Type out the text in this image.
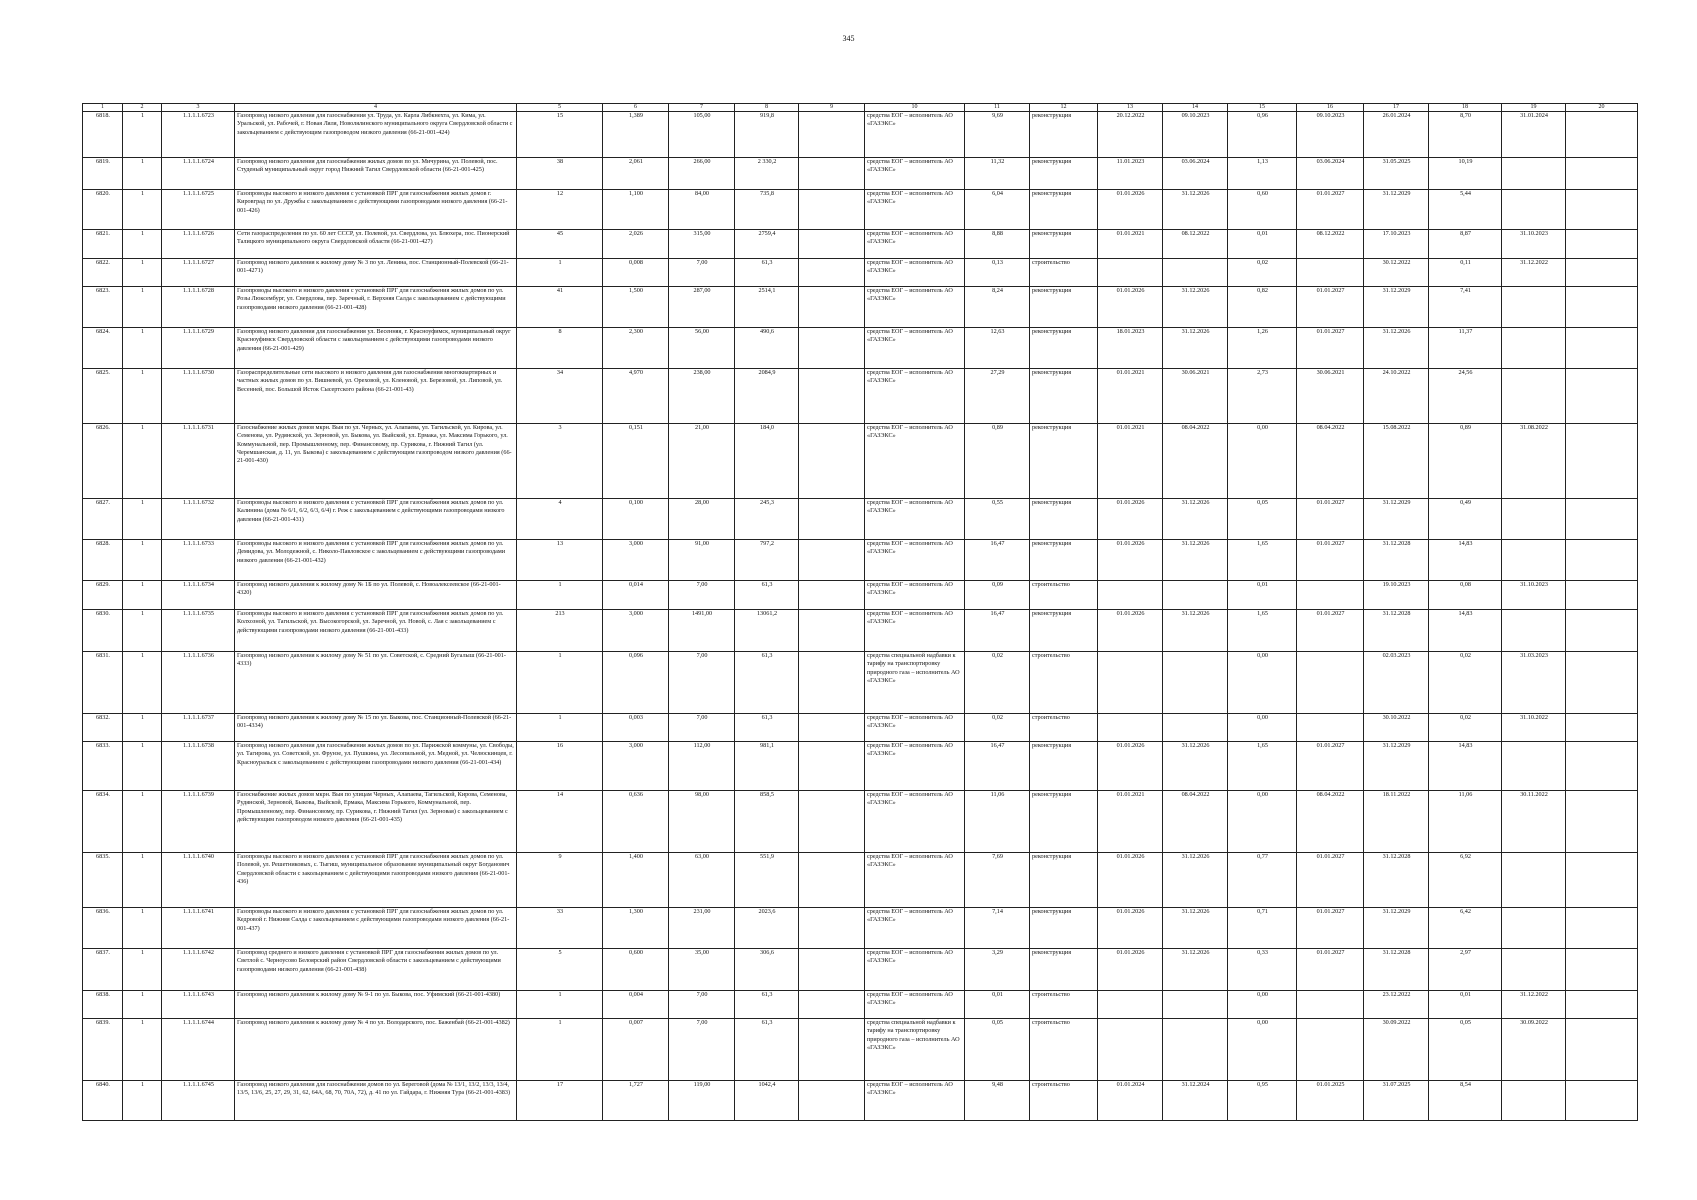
345
1	2	3	4	5	6	7	8	9	10	11	12	13	14	15	16	17	18	19	20
6818.	1	1.1.1.1.6723	Газопровод низкого давления для газоснабжения ул. Труда, ул. Карла Либкнехта, ул. Кима, ул. Уральской, ул. Рабочей, г. Новая Ляля, Новолялинского муниципального округа Свердловской области с закольцеванием с действующим газопроводом низкого давления (66-21-001-424)	15	1,389	105,00	919,8		средства ЕОГ – исполнитель АО «ГАЗЭКС»	9,69	реконструкция	20.12.2022	09.10.2023	0,96	09.10.2023	26.01.2024	8,70	31.01.2024	
6819.	1	1.1.1.1.6724	Газопровод низкого давления для газоснабжения жилых домов по ул. Мичурина, ул. Полевой, пос. Студеный муниципальный округ город Нижний Тагил Свердловской области (66-21-001-425)	38	2,061	266,00	2 330,2		средства ЕОГ – исполнитель АО «ГАЗЭКС»	11,32	реконструкция	11.01.2023	03.06.2024	1,13	03.06.2024	31.05.2025	10,19		
6820.	1	1.1.1.1.6725	Газопроводы высокого и низкого давления с установкой ПРГ для газоснабжения жилых домов г. Кировград по ул. Дружбы с закольцеванием с действующими газопроводами низкого давления (66-21-001-426)	12	1,100	84,00	735,8		средства ЕОГ – исполнитель АО «ГАЗЭКС»	6,04	реконструкция	01.01.2026	31.12.2026	0,60	01.01.2027	31.12.2029	5,44		
6821.	1	1.1.1.1.6726	Сети газораспределения по ул. 60 лет СССР, ул. Полевой, ул. Свердлова, ул. Блюхера, пос. Пионерский Талицкого муниципального округа Свердловской области (66-21-001-427)	45	2,026	315,00	2759,4		средства ЕОГ – исполнитель АО «ГАЗЭКС»	8,88	реконструкция	01.01.2021	08.12.2022	0,01	08.12.2022	17.10.2023	8,87	31.10.2023	
6822.	1	1.1.1.1.6727	Газопровод низкого давления к жилому дому № 3 по ул. Ленина, пос. Станционный-Полевской (66-21-001-4271)	1	0,008	7,00	61,3		средства ЕОГ – исполнитель АО «ГАЗЭКС»	0,13	строительство			0,02		30.12.2022	0,11	31.12.2022	
6823.	1	1.1.1.1.6728	Газопроводы высокого и низкого давления с установкой ПРГ для газоснабжения жилых домов по ул. Розы Люксембург, ул. Свердлова, пер. Заречный, г. Верхняя Салда с закольцеванием с действующими газопроводами низкого давления (66-21-001-428)	41	1,500	287,00	2514,1		средства ЕОГ – исполнитель АО «ГАЗЭКС»	8,24	реконструкция	01.01.2026	31.12.2026	0,82	01.01.2027	31.12.2029	7,41		
6824.	1	1.1.1.1.6729	Газопровод низкого давления для газоснабжения ул. Весенняя, г. Красноуфимск, муниципальный округ Красноуфимск Свердловской области с закольцеванием с действующими газопроводами низкого давления (66-21-001-429)	8	2,300	56,00	490,6		средства ЕОГ – исполнитель АО «ГАЗЭКС»	12,63	реконструкция	18.01.2023	31.12.2026	1,26	01.01.2027	31.12.2026	11,37		
6825.	1	1.1.1.1.6730	Газораспределительные сети высокого и низкого давления для газоснабжения многоквартирных и частных жилых домов по ул. Вишневой, ул. Ореховой, ул. Кленовой, ул. Березовой, ул. Липовой, ул. Весенней, пос. Большой Исток Сысертского района (66-21-001-43)	34	4,970	238,00	2084,9		средства ЕОГ – исполнитель АО «ГАЗЭКС»	27,29	реконструкция	01.01.2021	30.06.2021	2,73	30.06.2021	24.10.2022	24,56		
6826.	1	1.1.1.1.6731	Газоснабжение жилых домов мкрн. Выя по ул. Черных, ул. Алапаева, ул. Тагильской, ул. Кирова, ул. Семенова, ул. Рудянской, ул. Зерновой, ул. Быкова, ул. Выйской, ул. Ермака, ул. Максима Горького, ул. Коммунальной, пер. Промышленному, пер. Финансовому, пр. Сурикова, г. Нижний Тагил (ул. Черемшанская, д. 11, ул. Быкова) с закольцеванием с действующим газопроводом низкого давления (66-21-001-430)	3	0,151	21,00	184,0		средства ЕОГ – исполнитель АО «ГАЗЭКС»	0,89	реконструкция	01.01.2021	08.04.2022	0,00	08.04.2022	15.08.2022	0,89	31.08.2022	
6827.	1	1.1.1.1.6732	Газопроводы высокого и низкого давления с установкой ПРГ для газоснабжения жилых домов по ул. Калинина (дома № 6/1, 6/2, 6/3, 6/4) г. Реж с закольцеванием с действующими газопроводами низкого давления (66-21-001-431)	4	0,100	28,00	245,3		средства ЕОГ – исполнитель АО «ГАЗЭКС»	0,55	реконструкция	01.01.2026	31.12.2026	0,05	01.01.2027	31.12.2029	0,49		
6828.	1	1.1.1.1.6733	Газопроводы высокого и низкого давления с установкой ПРГ для газоснабжения жилых домов по ул. Демидова, ул. Молодежной, с. Николо-Павловское с закольцеванием с действующими газопроводами низкого давления (66-21-001-432)	13	3,000	91,00	797,2		средства ЕОГ – исполнитель АО «ГАЗЭКС»	16,47	реконструкция	01.01.2026	31.12.2026	1,65	01.01.2027	31.12.2028	14,83		
6829.	1	1.1.1.1.6734	Газопровод низкого давления к жилому дому № 1Б по ул. Полевой, с. Новоалексеевское (66-21-001-4320)	1	0,014	7,00	61,3		средства ЕОГ – исполнитель АО «ГАЗЭКС»	0,09	строительство			0,01		19.10.2023	0,08	31.10.2023	
6830.	1	1.1.1.1.6735	Газопроводы высокого и низкого давления с установкой ПРГ для газоснабжения жилых домов по ул. Колхозной, ул. Тагильской, ул. Высокогорской, ул. Заречной, ул. Новой, с. Лая с закольцеванием с действующими газопроводами низкого давления (66-21-001-433)	213	3,000	1491,00	13061,2		средства ЕОГ – исполнитель АО «ГАЗЭКС»	16,47	реконструкция	01.01.2026	31.12.2026	1,65	01.01.2027	31.12.2028	14,83		
6831.	1	1.1.1.1.6736	Газопровод низкого давления к жилому дому № 51 по ул. Советской, с. Средний Бугалыш (66-21-001-4333)	1	0,096	7,00	61,3		средства специальной надбавки к тарифу на транспортировку природного газа – исполнитель АО «ГАЗЭКС»	0,02	строительство			0,00		02.03.2023	0,02	31.03.2023	
6832.	1	1.1.1.1.6737	Газопровод низкого давления к жилому дому № 15 по ул. Быкова, пос. Станционный-Полевской (66-21-001-4334)	1	0,003	7,00	61,3		средства ЕОГ – исполнитель АО «ГАЗЭКС»	0,02	строительство			0,00		30.10.2022	0,02	31.10.2022	
6833.	1	1.1.1.1.6738	Газопровод низкого давления для газоснабжения жилых домов по ул. Парижской коммуны, ул. Свободы, ул. Тагирова, ул. Советской, ул. Фрунзе, ул. Пушкина, ул. Лесопильной, ул. Медной, ул. Челюскинцев, г. Красноуральск с закольцеванием с действующими газопроводами низкого давления (66-21-001-434)	16	3,000	112,00	981,1		средства ЕОГ – исполнитель АО «ГАЗЭКС»	16,47	реконструкция	01.01.2026	31.12.2026	1,65	01.01.2027	31.12.2029	14,83		
6834.	1	1.1.1.1.6739	Газоснабжение жилых домов мкрн. Выя по улицам Черных, Алапаева, Тагильской, Кирова, Семенова, Рудянской, Зерновой, Быкова, Выйской, Ермака, Максима Горького, Коммунальной, пер. Промышленному, пер. Финансовому, пр. Сурикова, г. Нижний Тагил (ул. Зерновая) с закольцеванием с действующим газопроводом низкого давления (66-21-001-435)	14	0,636	98,00	858,5		средства ЕОГ – исполнитель АО «ГАЗЭКС»	11,06	реконструкция	01.01.2021	08.04.2022	0,00	08.04.2022	18.11.2022	11,06	30.11.2022	
6835.	1	1.1.1.1.6740	Газопроводы высокого и низкого давления с установкой ПРГ для газоснабжения жилых домов по ул. Полевой, ул. Решетниковых, с. Тыгиш, муниципальное образование муниципальный округ Богданович Свердловской области с закольцеванием с действующими газопроводами низкого давления (66-21-001-436)	9	1,400	63,00	551,9		средства ЕОГ – исполнитель АО «ГАЗЭКС»	7,69	реконструкция	01.01.2026	31.12.2026	0,77	01.01.2027	31.12.2028	6,92		
6836.	1	1.1.1.1.6741	Газопроводы высокого и низкого давления с установкой ПРГ для газоснабжения жилых домов по ул. Кедровой г. Нижняя Салда с закольцеванием с действующими газопроводами низкого давления (66-21-001-437)	33	1,300	231,00	2023,6		средства ЕОГ – исполнитель АО «ГАЗЭКС»	7,14	реконструкция	01.01.2026	31.12.2026	0,71	01.01.2027	31.12.2029	6,42		
6837.	1	1.1.1.1.6742	Газопровод среднего и низкого давления с установкой ПРГ для газоснабжения жилых домов по ул. Светлой с. Черноусово Белоярский район Свердловской области с закольцеванием с действующими газопроводами низкого давления (66-21-001-438)	5	0,600	35,00	306,6		средства ЕОГ – исполнитель АО «ГАЗЭКС»	3,29	реконструкция	01.01.2026	31.12.2026	0,33	01.01.2027	31.12.2028	2,97		
6838.	1	1.1.1.1.6743	Газопровод низкого давления к жилому дому № 9-1 по ул. Быкова, пос. Уфимский (66-21-001-4380)	1	0,004	7,00	61,3		средства ЕОГ – исполнитель АО «ГАЗЭКС»	0,01	строительство			0,00		23.12.2022	0,01	31.12.2022	
6839.	1	1.1.1.1.6744	Газопровод низкого давления к жилому дому № 4 по ул. Володарского, пос. Баженбай (66-21-001-4382)	1	0,007	7,00	61,3		средства специальной надбавки к тарифу на транспортировку природного газа – исполнитель АО «ГАЗЭКС»	0,05	строительство			0,00		30.09.2022	0,05	30.09.2022	
6840.	1	1.1.1.1.6745	Газопровод низкого давления для газоснабжения домов по ул. Береговой (дома № 13/1, 13/2, 13/3, 13/4, 13/5, 13/6, 25, 27, 29, 31, 62, 64А, 68, 70, 70А, 72), д. 41 по ул. Гайдара, г. Нижняя Тура (66-21-001-4383)	17	1,727	119,00	1042,4		средства ЕОГ – исполнитель АО «ГАЗЭКС»	9,48	строительство	01.01.2024	31.12.2024	0,95	01.01.2025	31.07.2025	8,54		
